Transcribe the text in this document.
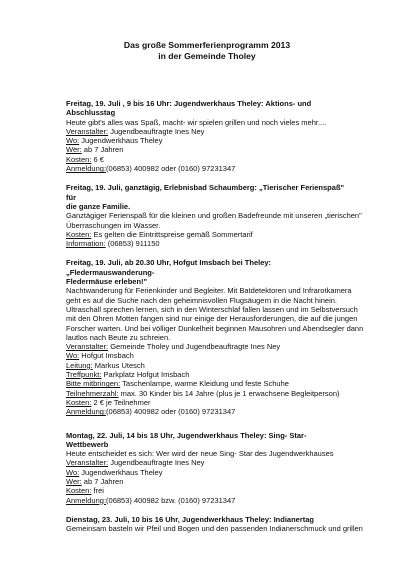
Das große Sommerferienprogramm 2013
in der Gemeinde Tholey
Freitag, 19. Juli , 9 bis 16 Uhr: Jugendwerkhaus Theley: Aktions- und Abschlusstag
Heute gibt's alles was Spaß, macht- wir spielen grillen und noch vieles mehr....
Veranstalter: Jugendbeauftragte Ines Ney
Wo: Jugendwerkhaus Theley
Wer: ab 7 Jahren
Kosten: 6 €
Anmeldung:(06853) 400982 oder (0160) 97231347
Freitag, 19. Juli, ganztägig, Erlebnisbad Schaumberg: „Tierischer Ferienspaß" für
die ganze Familie.
Ganztägiger Ferienspaß für die kleinen und großen Badefreunde mit unseren „tierischen"
Überraschungen im Wasser.
Kosten: Es gelten die Eintrittspreise gemäß Sommertarif
Information: (06853) 911150
Freitag, 19. Juli, ab 20.30 Uhr, Hofgut Imsbach bei Theley: „Fledermauswanderung-
Fledermäuse erleben!"
Nachtwanderung für Ferienkinder und Begleiter. Mit Batdetektoren und Infrarotkamera
geht es auf die Suche nach den geheimnisvollen Flugsäugern in die Nacht hinein.
Ultraschall sprechen lernen, sich in den Winterschlaf fallen lassen und im Selbstversuch
mit den Ohren Motten fangen sind nur einige der Herausforderungen, die auf die jungen
Forscher warten. Und bei völliger Dunkelheit beginnen Mausohren und Abendsegler dann
lautlos nach Beute zu schreien.
Veranstalter: Gemeinde Tholey und Jugendbeauftragte Ines Ney
Wo: Hofgut Imsbach
Leitung: Markus Utesch
Treffpunkt: Parkplatz Hofgut Imsbach
Bitte mitbringen: Taschenlampe, warme Kleidung und feste Schuhe
Teilnehmerzahl: max. 30 Kinder bis 14 Jahre (plus je 1 erwachsene Begleitperson)
Kosten: 2 € je Teilnehmer
Anmeldung:(06853) 400982 oder (0160) 97231347
Montag, 22. Juli, 14 bis 18 Uhr, Jugendwerkhaus Theley: Sing- Star- Wettbewerb
Heute entscheidet es sich: Wer wird der neue Sing- Star des Jugendwerkhauses
Veranstalter: Jugendbeauftragte Ines Ney
Wo: Jugendwerkhaus Theley
Wer: ab 7 Jahren
Kosten: frei
Anmeldung:(06853) 400982 bzw. (0160) 97231347
Dienstag, 23. Juli, 10 bis 16 Uhr, Jugendwerkhaus Theley: Indianertag
Gemeinsam basteln wir Pfeil und Bogen und den passenden Indianerschmuck und grillen
